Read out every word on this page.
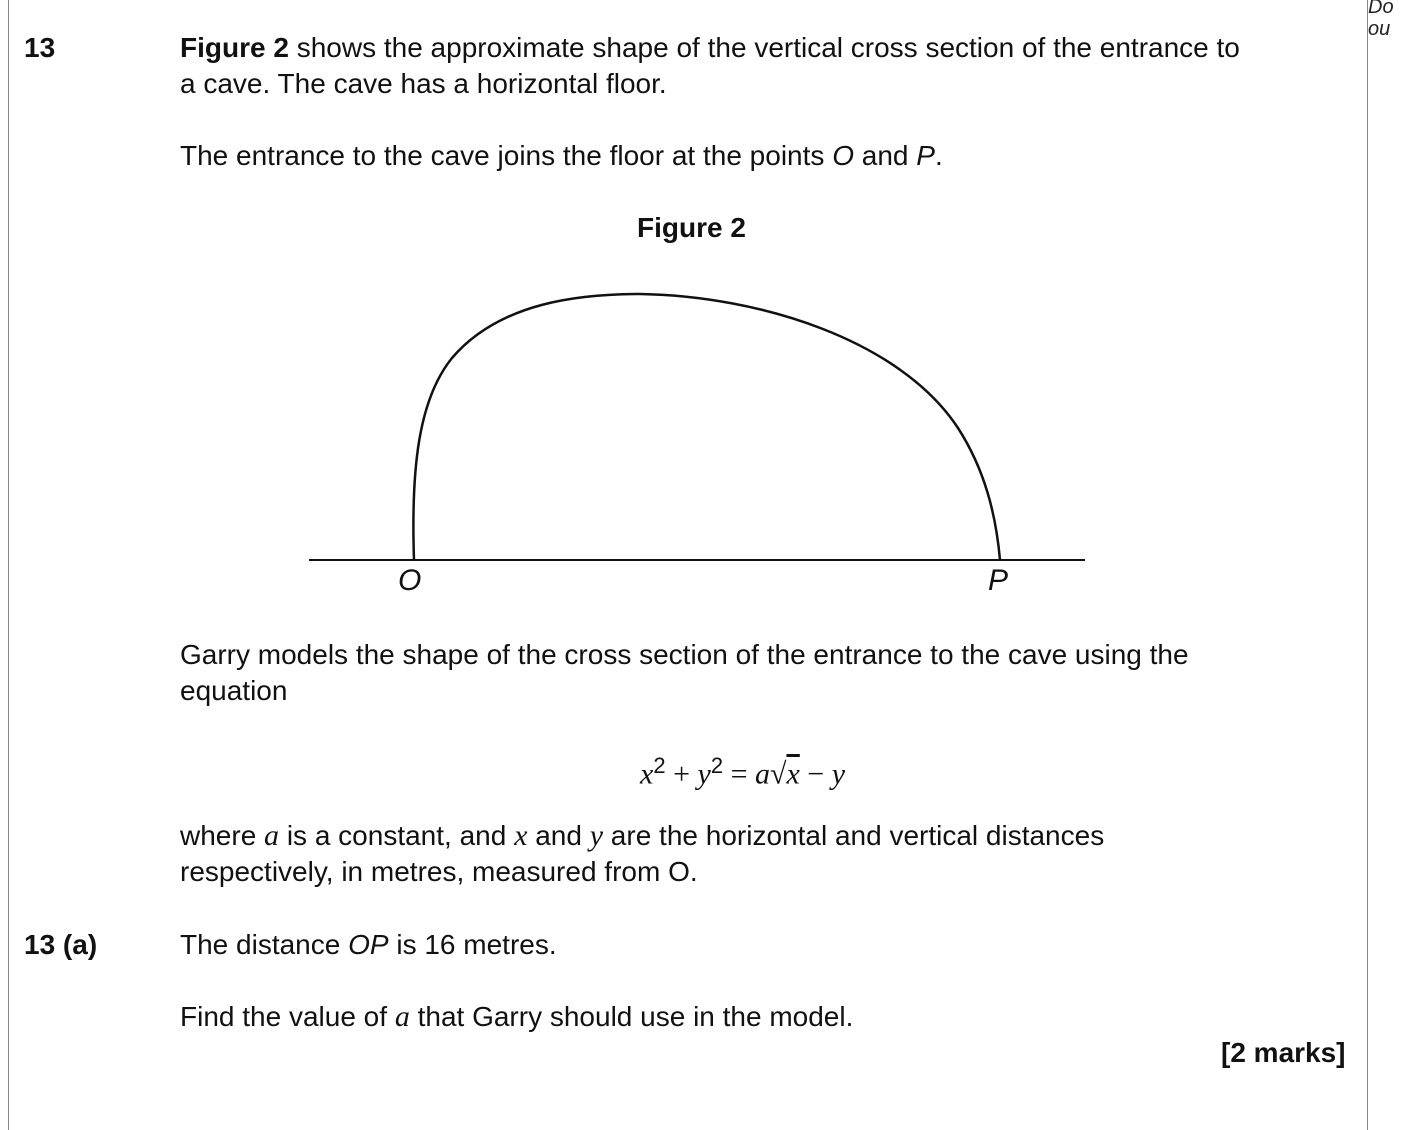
Do
ou
13	Figure 2 shows the approximate shape of the vertical cross section of the entrance to
a cave. The cave has a horizontal floor.
The entrance to the cave joins the floor at the points O and P.
Figure 2
O	P
Garry models the shape of the cross section of the entrance to the cave using the
equation
$x^2 + y^2 = a√x - y$
where a is a constant, and x and y are the horizontal and vertical distances
respectively, in metres, measured from O.
13 (a)	The distance OP is 16 metres.
Find the value of a that Garry should use in the model.
[2 marks]
